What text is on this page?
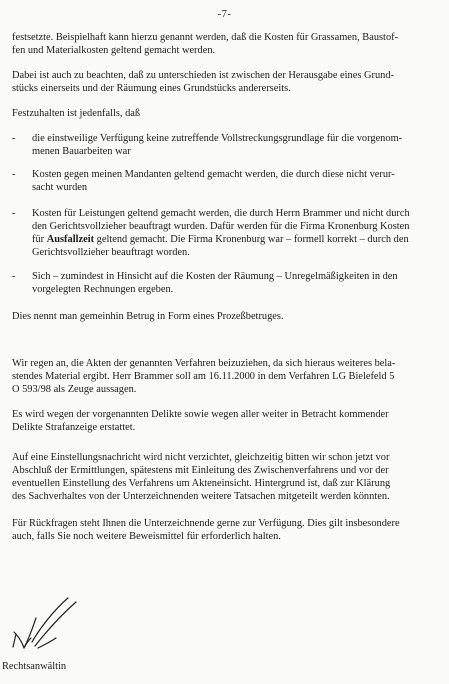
-7-

festsetzte. Beispielhaft kann hierzu genannt werden, daß die Kosten für Grassamen, Baustof-
fen und Materialkosten geltend gemacht werden.

Dabei ist auch zu beachten, daß zu unterschieden ist zwischen der Herausgabe eines Grund-
stücks einerseits und der Räumung eines Grundstücks andererseits.

Festzuhalten ist jedenfalls, daß

- die einstweilige Verfügung keine zutreffende Vollstreckungsgrundlage für die vorgenom-
menen Bauarbeiten war
- Kosten gegen meinen Mandanten geltend gemacht werden, die durch diese nicht verur-
sacht wurden
- Kosten für Leistungen geltend gemacht werden, die durch Herrn Brammer und nicht durch
den Gerichtsvollzieher beauftragt wurden. Dafür werden für die Firma Kronenburg Kosten
für Ausfallzeit geltend gemacht. Die Firma Kronenburg war – formell korrekt – durch den
Gerichtsvollzieher beauftragt worden.
- Sich – zumindest in Hinsicht auf die Kosten der Räumung – Unregelmäßigkeiten in den
vorgelegten Rechnungen ergeben.

Dies nennt man gemeinhin Betrug in Form eines Prozeßbetruges.

Wir regen an, die Akten der genannten Verfahren beizuziehen, da sich hieraus weiteres bela-
stendes Material ergibt. Herr Brammer soll am 16.11.2000 in dem Verfahren LG Bielefeld 5
O 593/98 als Zeuge aussagen.

Es wird wegen der vorgenannten Delikte sowie wegen aller weiter in Betracht kommender
Delikte Strafanzeige erstattet.

Auf eine Einstellungsnachricht wird nicht verzichtet, gleichzeitig bitten wir schon jetzt vor
Abschluß der Ermittlungen, spätestens mit Einleitung des Zwischenverfahrens und vor der
eventuellen Einstellung des Verfahrens um Akteneinsicht. Hintergrund ist, daß zur Klärung
des Sachverhaltes von der Unterzeichnenden weitere Tatsachen mitgeteilt werden könnten.

Für Rückfragen steht Ihnen die Unterzeichnende gerne zur Verfügung. Dies gilt insbesondere
auch, falls Sie noch weitere Beweismittel für erforderlich halten.

Rechtsanwältin
